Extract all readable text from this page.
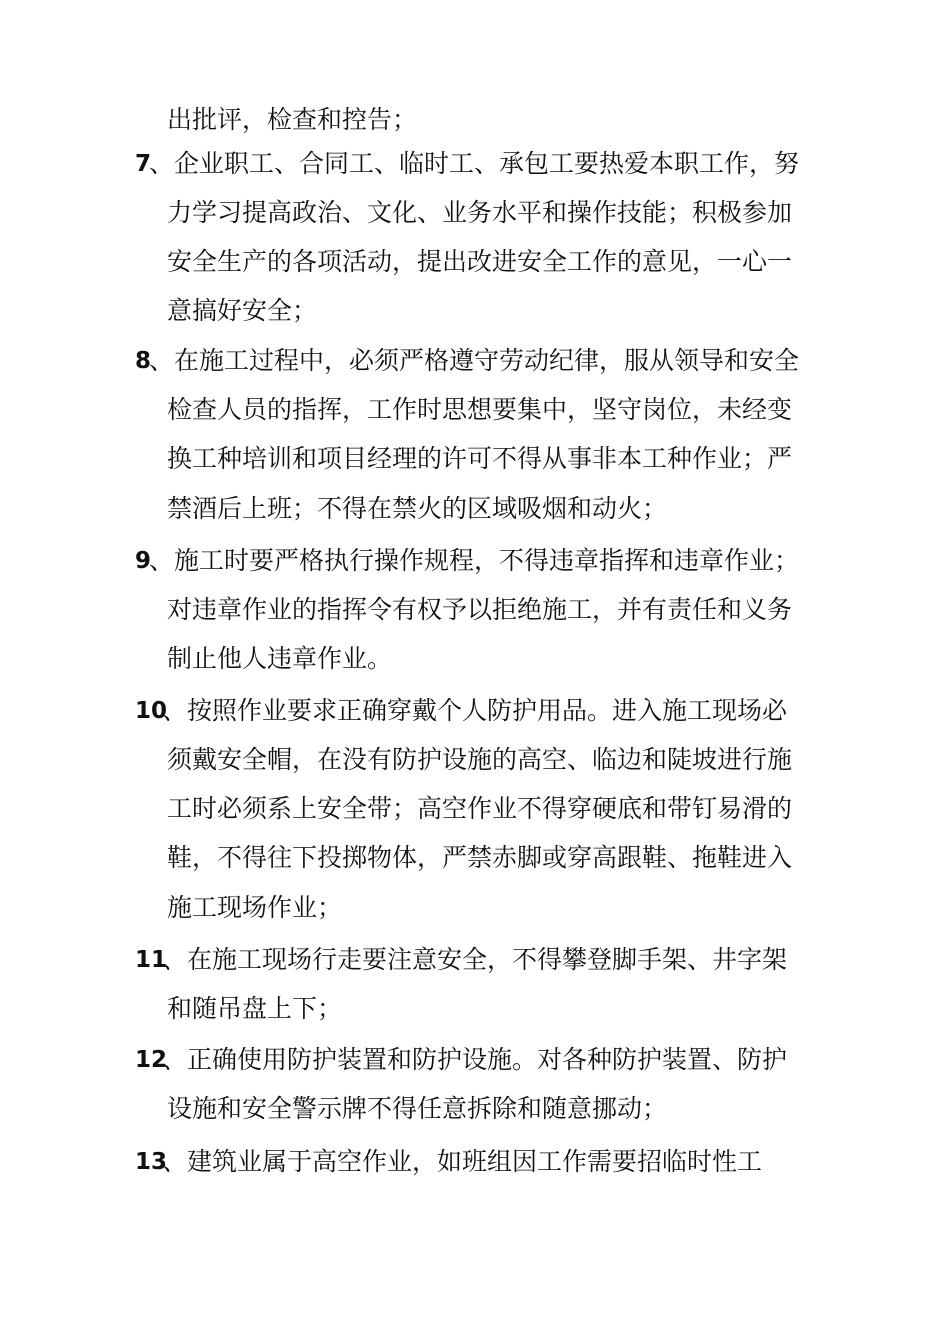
出批评，检查和控告；
7
、企业职工、合同工、临时工、承包工要热爱本职工作，努
力学习提高政治、文化、业务水平和操作技能；积极参加
安全生产的各项活动，提出改进安全工作的意见，一心一
意搞好安全；
8
、在施工过程中，必须严格遵守劳动纪律，服从领导和安全
检查人员的指挥，工作时思想要集中，坚守岗位，未经变
换工种培训和项目经理的许可不得从事非本工种作业；严
禁酒后上班；不得在禁火的区域吸烟和动火；
9
、施工时要严格执行操作规程，不得违章指挥和违章作业；
对违章作业的指挥令有权予以拒绝施工，并有责任和义务
制止他人违章作业。
10
、按照作业要求正确穿戴个人防护用品。进入施工现场必
须戴安全帽，在没有防护设施的高空、临边和陡坡进行施
工时必须系上安全带；高空作业不得穿硬底和带钉易滑的
鞋，不得往下投掷物体，严禁赤脚或穿高跟鞋、拖鞋进入
施工现场作业；
11
、在施工现场行走要注意安全，不得攀登脚手架、井字架
和随吊盘上下；
12
、正确使用防护装置和防护设施。对各种防护装置、防护
设施和安全警示牌不得任意拆除和随意挪动；
13
、建筑业属于高空作业，如班组因工作需要招临时性工
